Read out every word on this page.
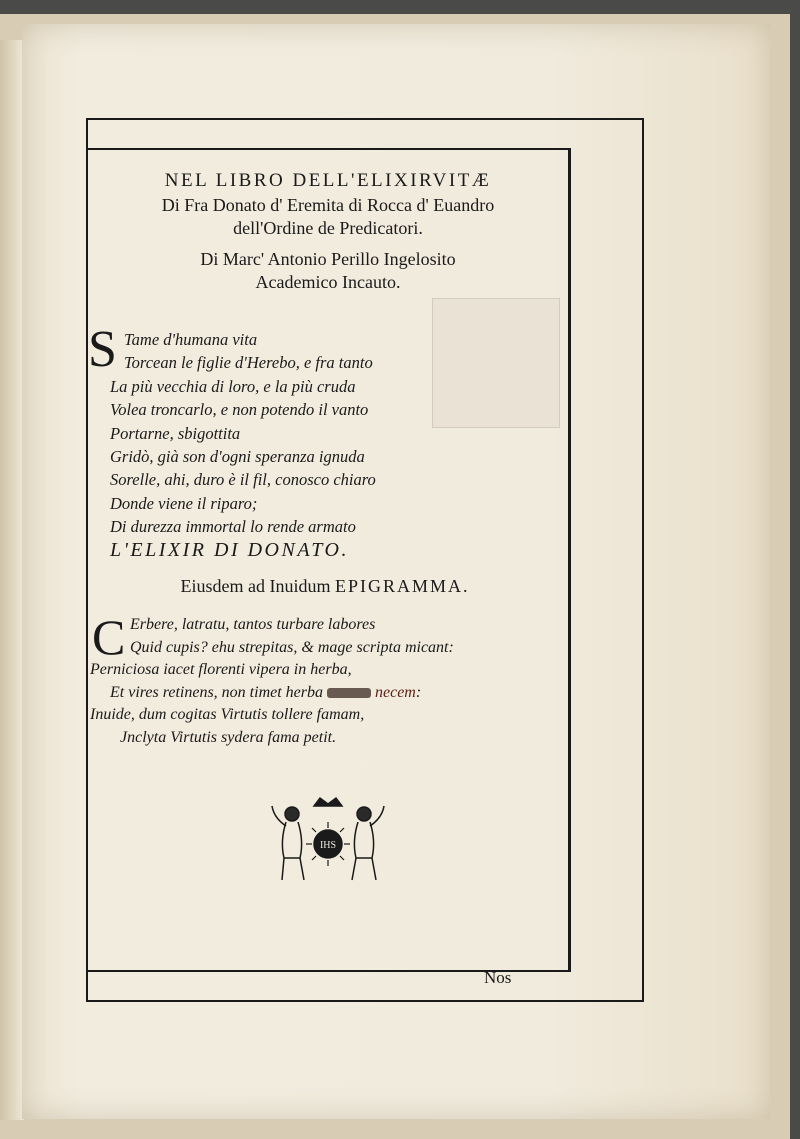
NEL LIBRO DELL'ELIXIRVITÆ
Di Fra Donato d' Eremita di Rocca d' Euandro
dell'Ordine de Predicatori.
Di Marc' Antonio Perillo Ingelosito
Academico Incauto.
S Tame d'humana vita
Torcean le figlie d'Herebo, e fra tanto
La più vecchia di loro, e la più cruda
Volea troncarlo, e non potendo il vanto
Portarne, sbigottita
Gridò, già son d'ogni speranza ignuda
Sorelle, ahi, duro è il fil, conosco chiaro
Donde viene il riparo;
Di durezza immortal lo rende armato
L'ELIXIR DI DONATO.
Eiusdem ad Inuidum EPIGRAMMA.
C Erbere, latratu, tantos turbare labores
Quid cupis? ehu strepitas, & mage scripta micant:
Perniciosa iacet florenti vipera in herba,
Et vires retinens, non timet herba	necem:
Inuide, dum cogitas Virtutis tollere famam,
Jnclyta Virtutis sydera fama petit.
IHS
Nos
